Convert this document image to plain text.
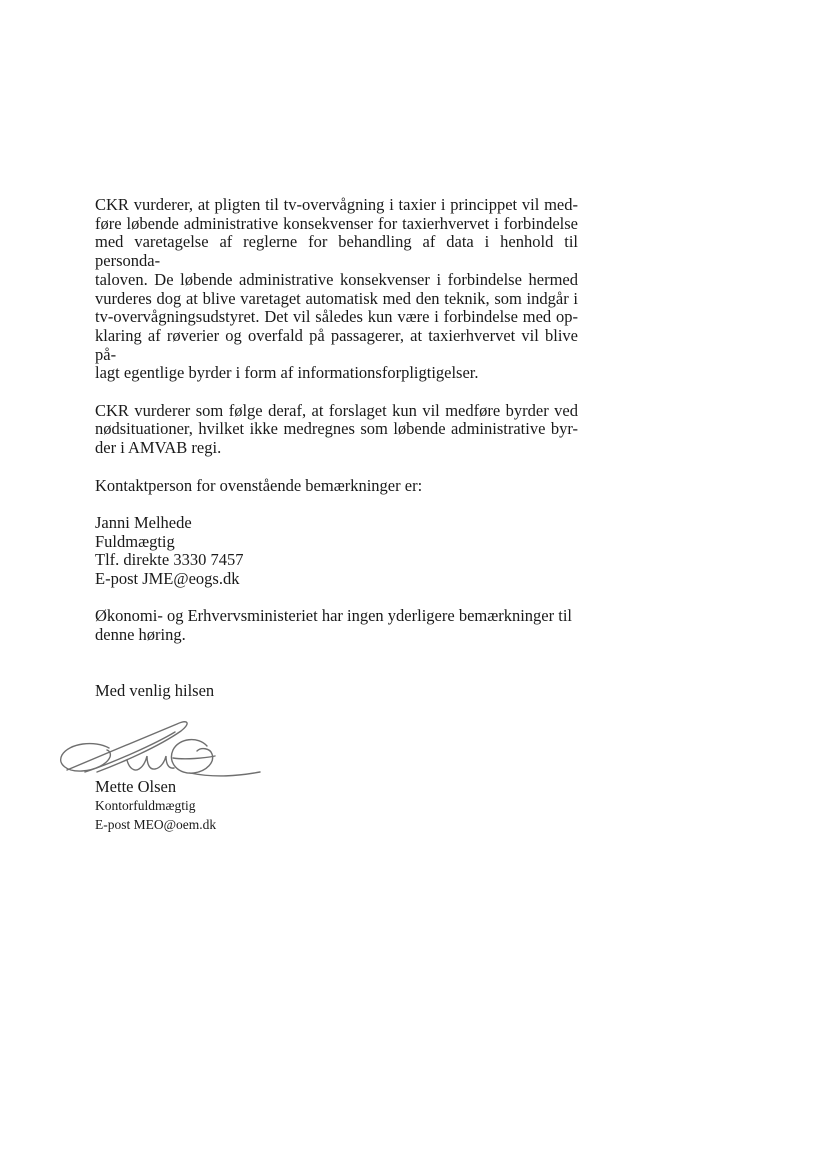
CKR vurderer, at pligten til tv-overvågning i taxier i princippet vil med-
føre løbende administrative konsekvenser for taxierhvervet i forbindelse
med varetagelse af reglerne for behandling af data i henhold til personda-
taloven. De løbende administrative konsekvenser i forbindelse hermed
vurderes dog at blive varetaget automatisk med den teknik, som indgår i
tv-overvågningsudstyret. Det vil således kun være i forbindelse med op-
klaring af røverier og overfald på passagerer, at taxierhvervet vil blive på-
lagt egentlige byrder i form af informationsforpligtigelser.
CKR vurderer som følge deraf, at forslaget kun vil medføre byrder ved
nødsituationer, hvilket ikke medregnes som løbende administrative byr-
der i AMVAB regi.
Kontaktperson for ovenstående bemærkninger er:
Janni Melhede
Fuldmægtig
Tlf. direkte 3330 7457
E-post JME@eogs.dk
Økonomi- og Erhvervsministeriet har ingen yderligere bemærkninger til
denne høring.
Med venlig hilsen
Mette Olsen
Kontorfuldmægtig
E-post MEO@oem.dk
